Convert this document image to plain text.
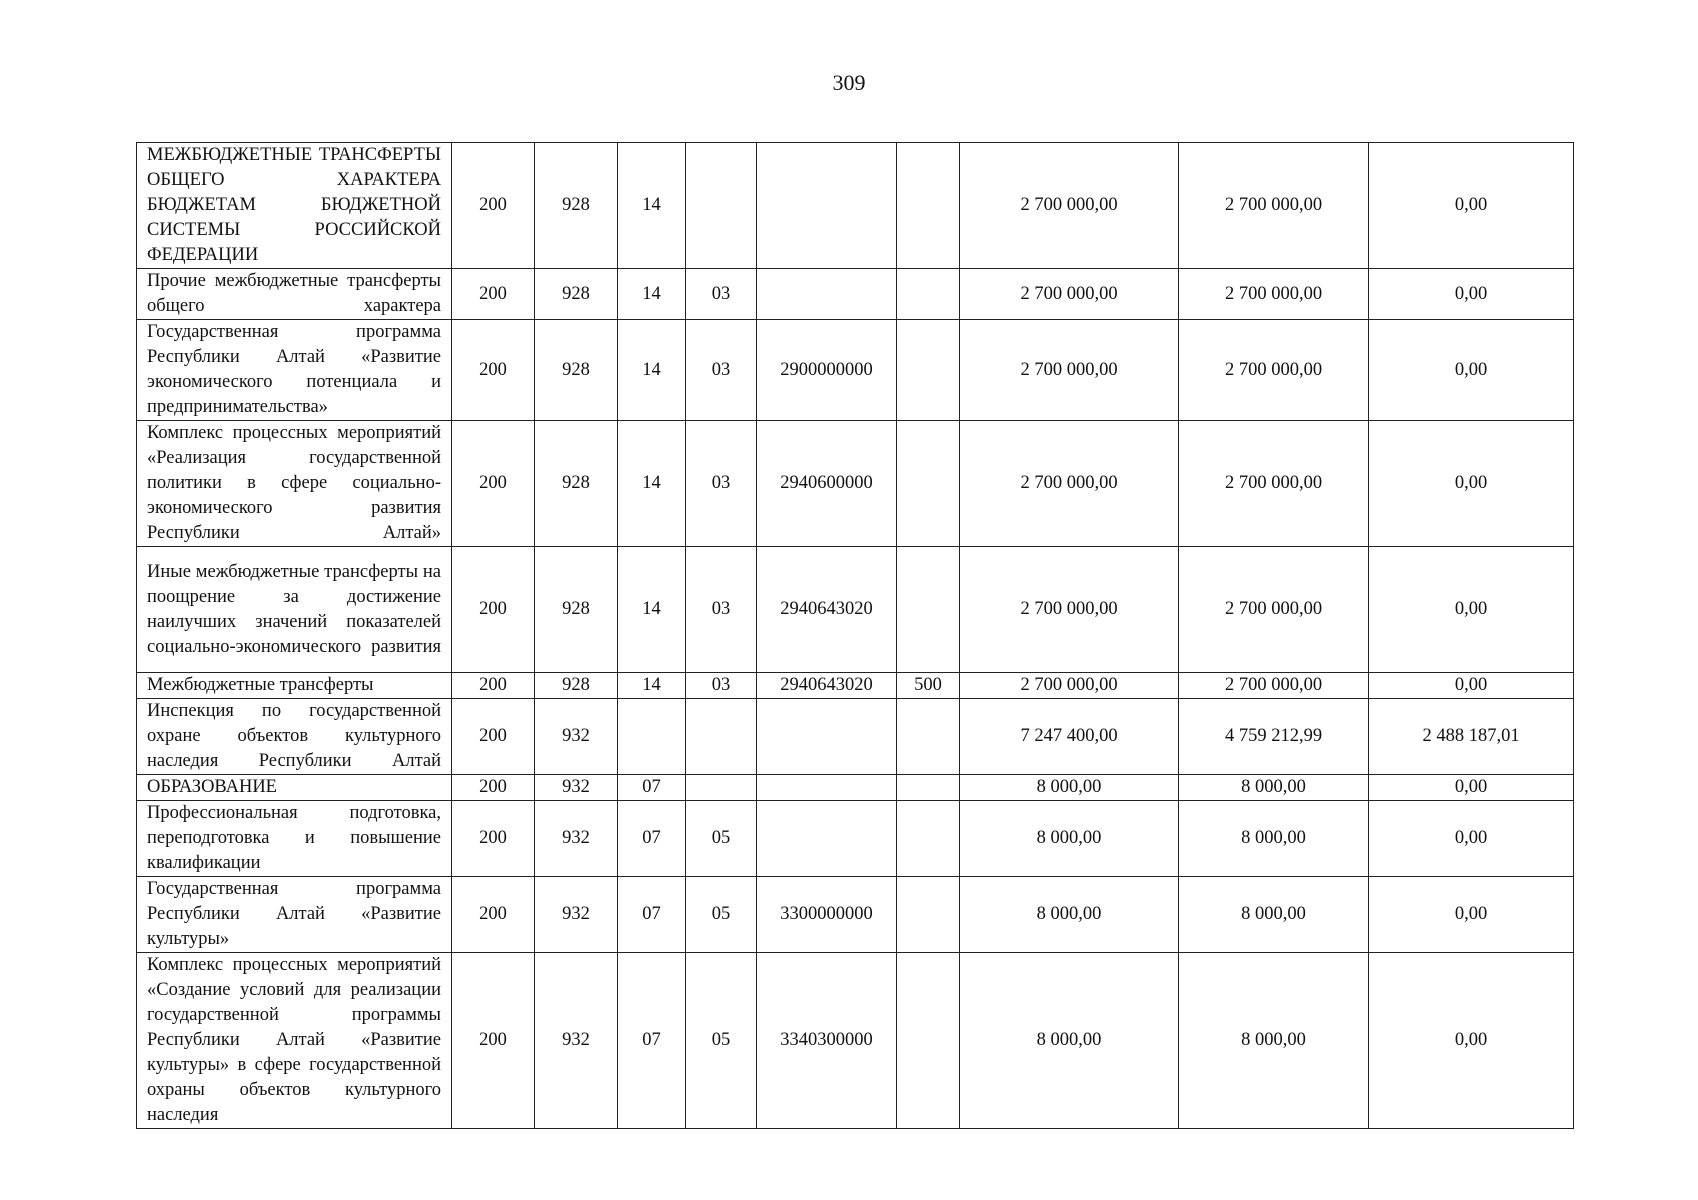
309
МЕЖБЮДЖЕТНЫЕ ТРАНСФЕРТЫ ОБЩЕГО ХАРАКТЕРА БЮДЖЕТАМ БЮДЖЕТНОЙ СИСТЕМЫ РОССИЙСКОЙ ФЕДЕРАЦИИ	200	928	14				2 700 000,00	2 700 000,00	0,00
Прочие межбюджетные трансферты общего характера	200	928	14	03			2 700 000,00	2 700 000,00	0,00
Государственная программа Республики Алтай «Развитие экономического потенциала и предпринимательства»	200	928	14	03	2900000000		2 700 000,00	2 700 000,00	0,00
Комплекс процессных мероприятий «Реализация государственной политики в сфере социально-экономического развития Республики Алтай»	200	928	14	03	2940600000		2 700 000,00	2 700 000,00	0,00
Иные межбюджетные трансферты на поощрение за достижение наилучших значений показателей социально-экономического развития	200	928	14	03	2940643020		2 700 000,00	2 700 000,00	0,00
Межбюджетные трансферты	200	928	14	03	2940643020	500	2 700 000,00	2 700 000,00	0,00
Инспекция по государственной охране объектов культурного наследия Республики Алтай	200	932					7 247 400,00	4 759 212,99	2 488 187,01
ОБРАЗОВАНИЕ	200	932	07				8 000,00	8 000,00	0,00
Профессиональная подготовка, переподготовка и повышение квалификации	200	932	07	05			8 000,00	8 000,00	0,00
Государственная программа Республики Алтай «Развитие культуры»	200	932	07	05	3300000000		8 000,00	8 000,00	0,00
Комплекс процессных мероприятий «Создание условий для реализации государственной программы Республики Алтай «Развитие культуры» в сфере государственной охраны объектов культурного наследия	200	932	07	05	3340300000		8 000,00	8 000,00	0,00
